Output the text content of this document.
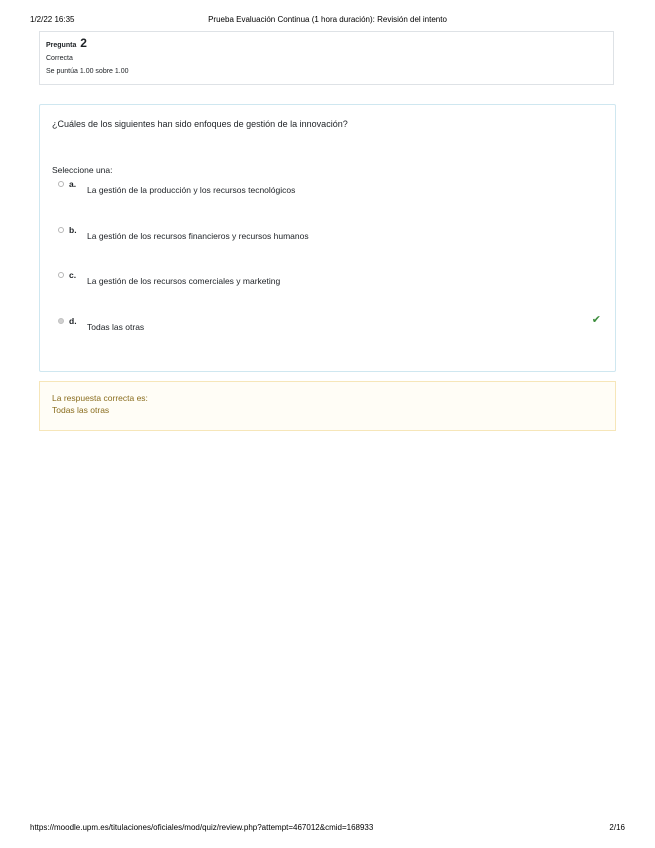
1/2/22 16:35	Prueba Evaluación Continua (1 hora duración): Revisión del intento
Pregunta 2
Correcta
Se puntúa 1.00 sobre 1.00
¿Cuáles de los siguientes han sido enfoques de gestión de la innovación?
Seleccione una:
a.
La gestión de la producción y los recursos tecnológicos
b.
La gestión de los recursos financieros y recursos humanos
c.
La gestión de los recursos comerciales y marketing
d.
Todas las otras
✔
La respuesta correcta es:
Todas las otras
https://moodle.upm.es/titulaciones/oficiales/mod/quiz/review.php?attempt=467012&cmid=168933	2/16
